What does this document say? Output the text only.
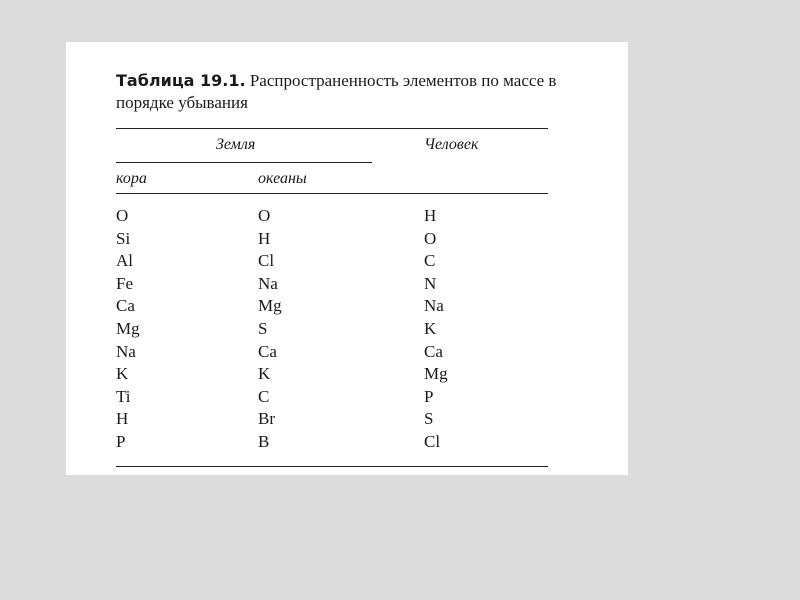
Таблица 19.1. Распространенность элементов по массе в порядке убывания

Земля	Человек
кора	океаны
O
Si
Al
Fe
Ca
Mg
Na
K
Ti
H
P
O
H
Cl
Na
Mg
S
Ca
K
C
Br
B
H
O
C
N
Na
K
Ca
Mg
P
S
Cl
